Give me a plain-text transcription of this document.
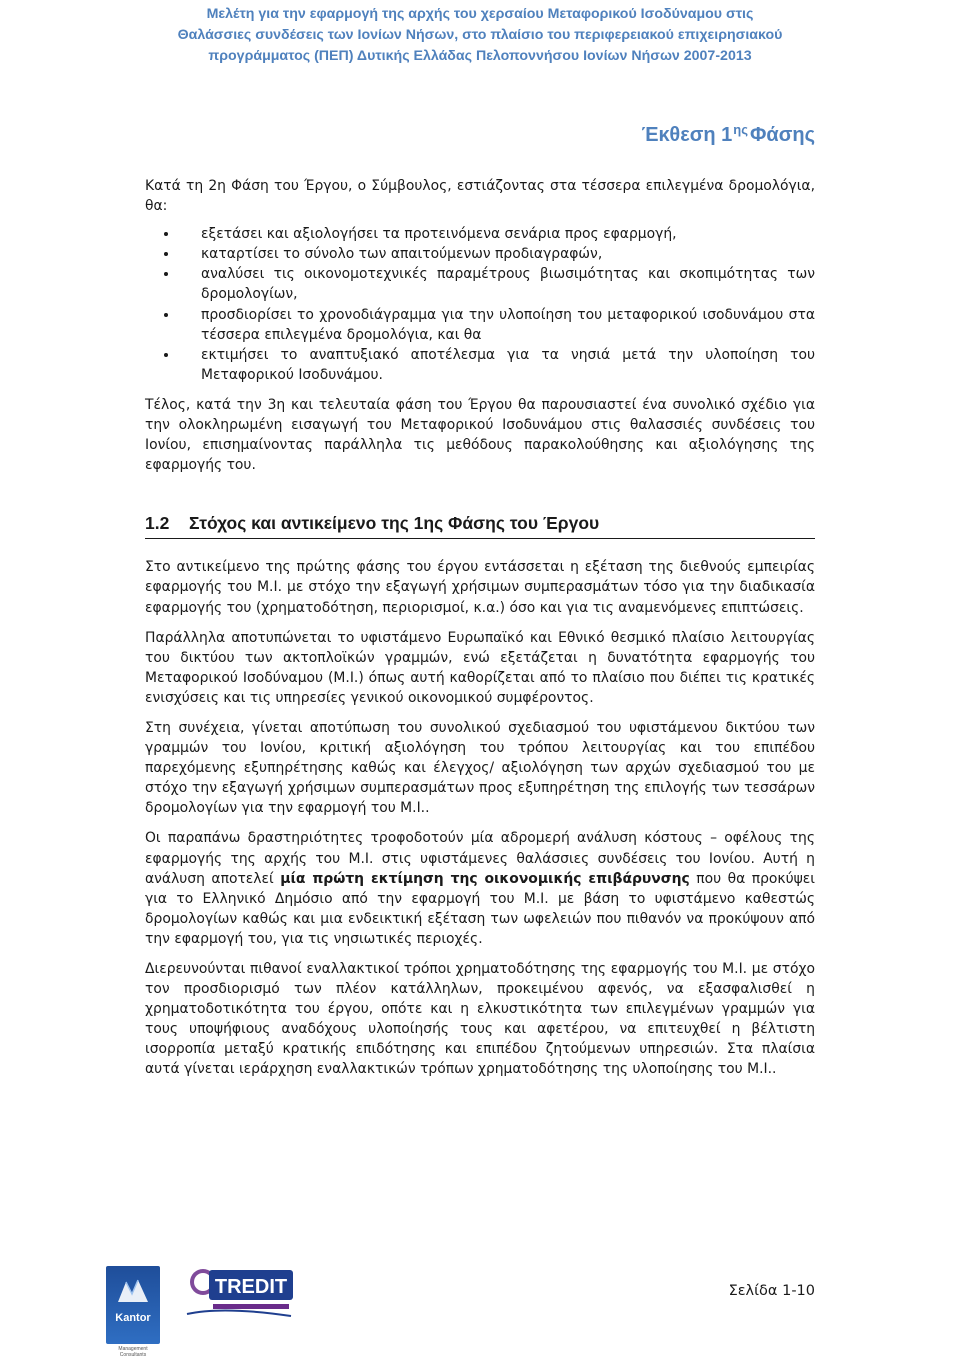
Μελέτη για την εφαρμογή της αρχής του χερσαίου Μεταφορικού Ισοδύναμου στις
Θαλάσσιες συνδέσεις των Ιονίων Νήσων, στο πλαίσιο του περιφερειακού επιχειρησιακού
προγράμματος (ΠΕΠ) Δυτικής Ελλάδας Πελοποννήσου Ιονίων Νήσων 2007-2013
Έκθεση $1^{\eta\varsigma}$ Φάσης

Κατά τη 2η Φάση του Έργου, ο Σύμβουλος, εστιάζοντας στα τέσσερα επιλεγμένα δρομολόγια, θα:

εξετάσει και αξιολογήσει τα προτεινόμενα σενάρια προς εφαρμογή,
καταρτίσει το σύνολο των απαιτούμενων προδιαγραφών,
αναλύσει τις οικονομοτεχνικές παραμέτρους βιωσιμότητας και σκοπιμότητας των δρομολογίων,
προσδιορίσει το χρονοδιάγραμμα για την υλοποίηση του μεταφορικού ισοδυνάμου στα τέσσερα επιλεγμένα δρομολόγια, και θα
εκτιμήσει το αναπτυξιακό αποτέλεσμα για τα νησιά μετά την υλοποίηση του Μεταφορικού Ισοδυνάμου.

Τέλος, κατά την 3η και τελευταία φάση του Έργου θα παρουσιαστεί ένα συνολικό σχέδιο για την ολοκληρωμένη εισαγωγή του Μεταφορικού Ισοδυνάμου στις θαλασσιές συνδέσεις του Ιονίου, επισημαίνοντας παράλληλα τις μεθόδους παρακολούθησης και αξιολόγησης της εφαρμογής του.

1.2 Στόχος και αντικείμενο της 1ης Φάσης του Έργου

Στο αντικείμενο της πρώτης φάσης του έργου εντάσσεται η εξέταση της διεθνούς εμπειρίας εφαρμογής του Μ.Ι. με στόχο την εξαγωγή χρήσιμων συμπερασμάτων τόσο για την διαδικασία εφαρμογής του (χρηματοδότηση, περιορισμοί, κ.α.) όσο και για τις αναμενόμενες επιπτώσεις.

Παράλληλα αποτυπώνεται το υφιστάμενο Ευρωπαϊκό και Εθνικό θεσμικό πλαίσιο λειτουργίας του δικτύου των ακτοπλοϊκών γραμμών, ενώ εξετάζεται η δυνατότητα εφαρμογής του Μεταφορικού Ισοδύναμου (Μ.Ι.) όπως αυτή καθορίζεται από το πλαίσιο που διέπει τις κρατικές ενισχύσεις και τις υπηρεσίες γενικού οικονομικού συμφέροντος.

Στη συνέχεια, γίνεται αποτύπωση του συνολικού σχεδιασμού του υφιστάμενου δικτύου των γραμμών του Ιονίου, κριτική αξιολόγηση του τρόπου λειτουργίας και του επιπέδου παρεχόμενης εξυπηρέτησης καθώς και έλεγχος/ αξιολόγηση των αρχών σχεδιασμού του με στόχο την εξαγωγή χρήσιμων συμπερασμάτων προς εξυπηρέτηση της επιλογής των τεσσάρων δρομολογίων για την εφαρμογή του Μ.Ι..

Οι παραπάνω δραστηριότητες τροφοδοτούν μία αδρομερή ανάλυση κόστους – οφέλους της εφαρμογής της αρχής του Μ.Ι. στις υφιστάμενες θαλάσσιες συνδέσεις του Ιονίου. Αυτή η ανάλυση αποτελεί μία πρώτη εκτίμηση της οικονομικής επιβάρυνσης που θα προκύψει για το Ελληνικό Δημόσιο από την εφαρμογή του Μ.Ι. με βάση το υφιστάμενο καθεστώς δρομολογίων καθώς και μια ενδεικτική εξέταση των ωφελειών που πιθανόν να προκύψουν από την εφαρμογή του, για τις νησιωτικές περιοχές.

Διερευνούνται πιθανοί εναλλακτικοί τρόποι χρηματοδότησης της εφαρμογής του Μ.Ι. με στόχο τον προσδιορισμό των πλέον κατάλληλων, προκειμένου αφενός, να εξασφαλισθεί η χρηματοδοτικότητα του έργου, οπότε και η ελκυστικότητα των επιλεγμένων γραμμών για τους υποψήφιους αναδόχους υλοποίησής τους και αφετέρου, να επιτευχθεί η βέλτιστη ισορροπία μεταξύ κρατικής επιδότησης και επιπέδου ζητούμενων υπηρεσιών. Στα πλαίσια αυτά γίνεται ιεράρχηση εναλλακτικών τρόπων χρηματοδότησης της υλοποίησης του Μ.Ι..

Kantor
Management Consultants
TREDIT	Σελίδα 1-10
